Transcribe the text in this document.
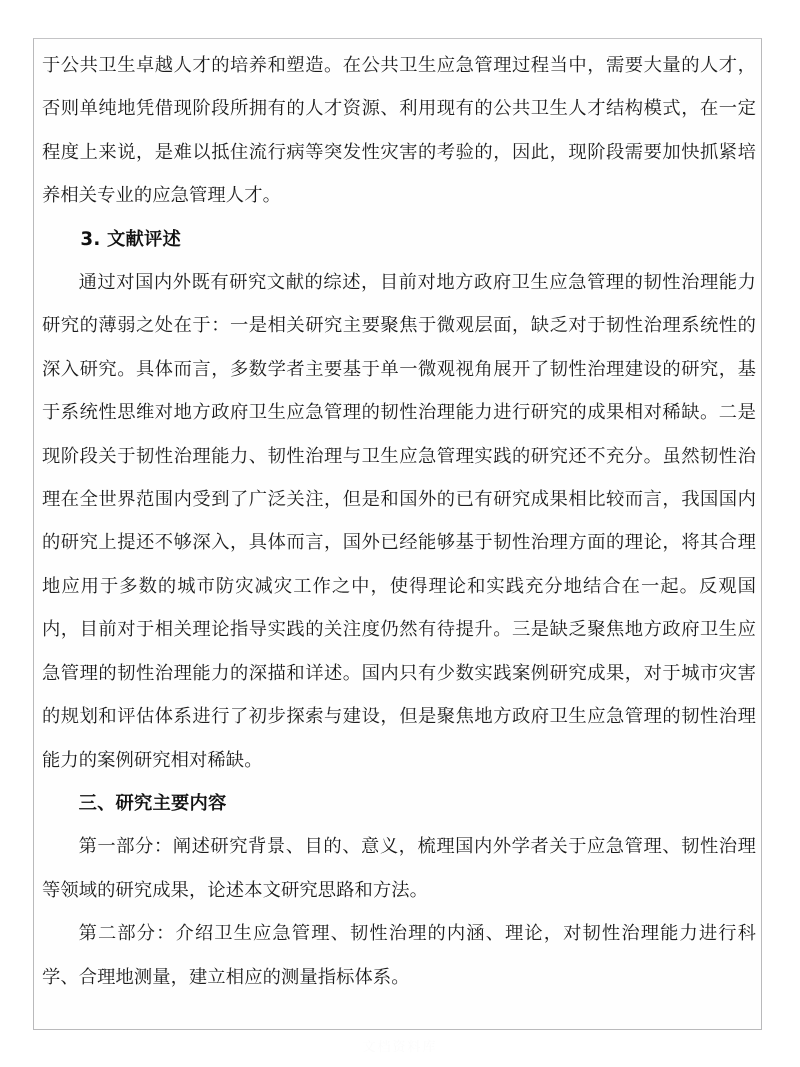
于公共卫生卓越人才的培养和塑造。在公共卫生应急管理过程当中，需要大量的人才，否则单纯地凭借现阶段所拥有的人才资源、利用现有的公共卫生人才结构模式，在一定程度上来说，是难以抵住流行病等突发性灾害的考验的，因此，现阶段需要加快抓紧培养相关专业的应急管理人才。

3. 文献评述

通过对国内外既有研究文献的综述，目前对地方政府卫生应急管理的韧性治理能力研究的薄弱之处在于：一是相关研究主要聚焦于微观层面，缺乏对于韧性治理系统性的深入研究。具体而言，多数学者主要基于单一微观视角展开了韧性治理建设的研究，基于系统性思维对地方政府卫生应急管理的韧性治理能力进行研究的成果相对稀缺。二是现阶段关于韧性治理能力、韧性治理与卫生应急管理实践的研究还不充分。虽然韧性治理在全世界范围内受到了广泛关注，但是和国外的已有研究成果相比较而言，我国国内的研究上提还不够深入，具体而言，国外已经能够基于韧性治理方面的理论，将其合理地应用于多数的城市防灾减灾工作之中，使得理论和实践充分地结合在一起。反观国内，目前对于相关理论指导实践的关注度仍然有待提升。三是缺乏聚焦地方政府卫生应急管理的韧性治理能力的深描和详述。国内只有少数实践案例研究成果，对于城市灾害的规划和评估体系进行了初步探索与建设，但是聚焦地方政府卫生应急管理的韧性治理能力的案例研究相对稀缺。

三、研究主要内容

第一部分：阐述研究背景、目的、意义，梳理国内外学者关于应急管理、韧性治理等领域的研究成果，论述本文研究思路和方法。

第二部分：介绍卫生应急管理、韧性治理的内涵、理论，对韧性治理能力进行科学、合理地测量，建立相应的测量指标体系。

文档资料库
